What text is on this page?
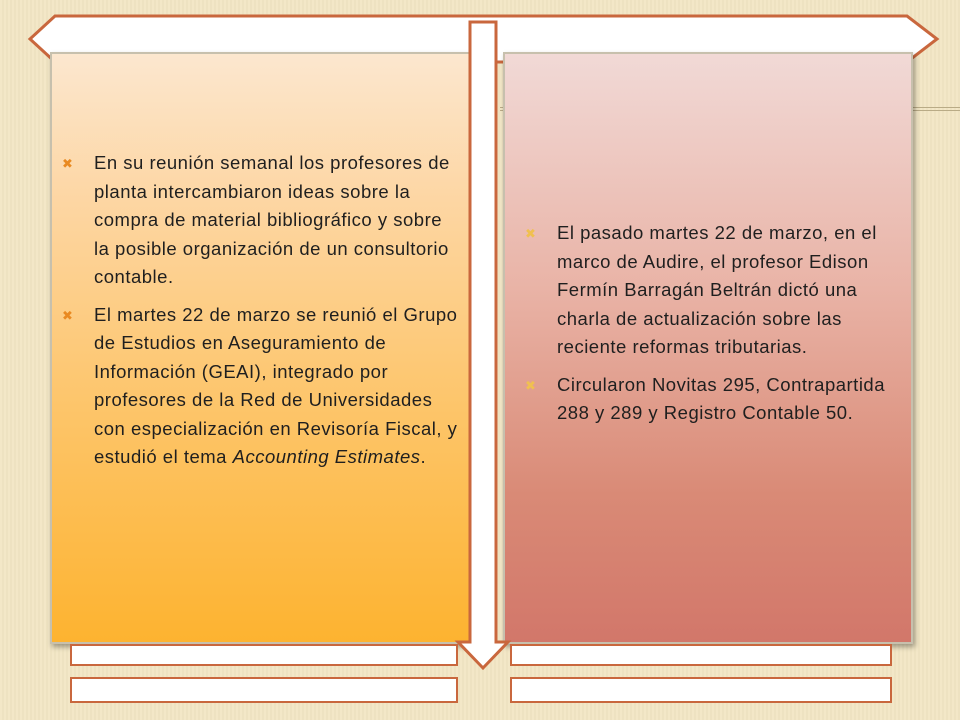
✖ En su reunión semanal los profesores de planta intercambiaron ideas sobre la compra de material bibliográfico y sobre la posible organización de un consultorio contable.
✖ El martes 22 de marzo se reunió el Grupo de Estudios en Aseguramiento de Información (GEAI), integrado por profesores de la Red de Universidades con especialización en Revisoría Fiscal, y estudió el tema Accounting Estimates.
✖ El pasado martes 22 de marzo, en el marco de Audire, el profesor Edison Fermín Barragán Beltrán dictó una charla de actualización sobre las reciente reformas tributarias.
✖ Circularon Novitas 295, Contrapartida 288 y 289 y Registro Contable 50.
